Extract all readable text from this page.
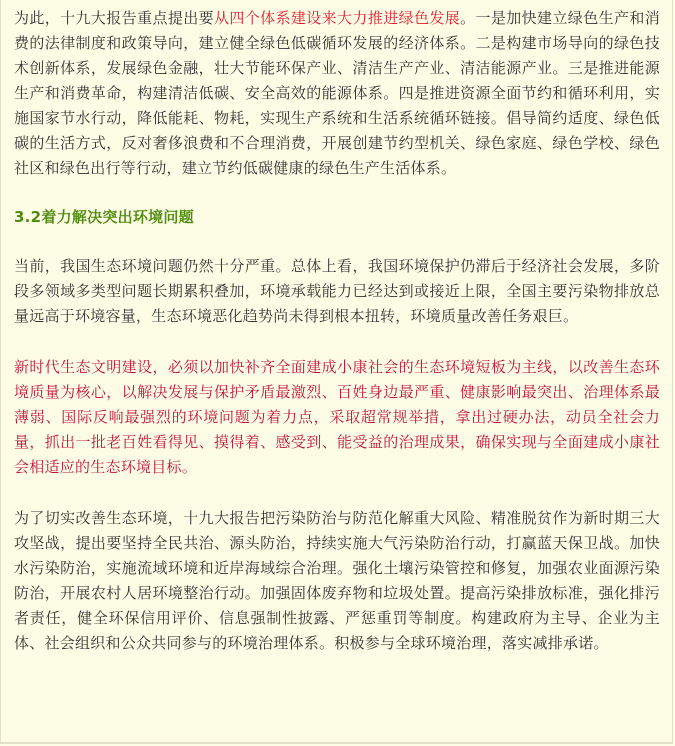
为此，十九大报告重点提出要从四个体系建设来大力推进绿色发展。一是加快建立绿色生产和消费的法律制度和政策导向，建立健全绿色低碳循环发展的经济体系。二是构建市场导向的绿色技术创新体系，发展绿色金融，壮大节能环保产业、清洁生产产业、清洁能源产业。三是推进能源生产和消费革命，构建清洁低碳、安全高效的能源体系。四是推进资源全面节约和循环利用，实施国家节水行动，降低能耗、物耗，实现生产系统和生活系统循环链接。倡导简约适度、绿色低碳的生活方式，反对奢侈浪费和不合理消费，开展创建节约型机关、绿色家庭、绿色学校、绿色社区和绿色出行等行动，建立节约低碳健康的绿色生产生活体系。

3.2着力解决突出环境问题

当前，我国生态环境问题仍然十分严重。总体上看，我国环境保护仍滞后于经济社会发展，多阶段多领域多类型问题长期累积叠加，环境承载能力已经达到或接近上限，全国主要污染物排放总量远高于环境容量，生态环境恶化趋势尚未得到根本扭转，环境质量改善任务艰巨。

新时代生态文明建设，必须以加快补齐全面建成小康社会的生态环境短板为主线，以改善生态环境质量为核心，以解决发展与保护矛盾最激烈、百姓身边最严重、健康影响最突出、治理体系最薄弱、国际反响最强烈的环境问题为着力点，采取超常规举措，拿出过硬办法，动员全社会力量，抓出一批老百姓看得见、摸得着、感受到、能受益的治理成果，确保实现与全面建成小康社会相适应的生态环境目标。

为了切实改善生态环境，十九大报告把污染防治与防范化解重大风险、精准脱贫作为新时期三大攻坚战，提出要坚持全民共治、源头防治，持续实施大气污染防治行动，打赢蓝天保卫战。加快水污染防治，实施流域环境和近岸海域综合治理。强化土壤污染管控和修复，加强农业面源污染防治，开展农村人居环境整治行动。加强固体废弃物和垃圾处置。提高污染排放标准，强化排污者责任，健全环保信用评价、信息强制性披露、严惩重罚等制度。构建政府为主导、企业为主体、社会组织和公众共同参与的环境治理体系。积极参与全球环境治理，落实减排承诺。
